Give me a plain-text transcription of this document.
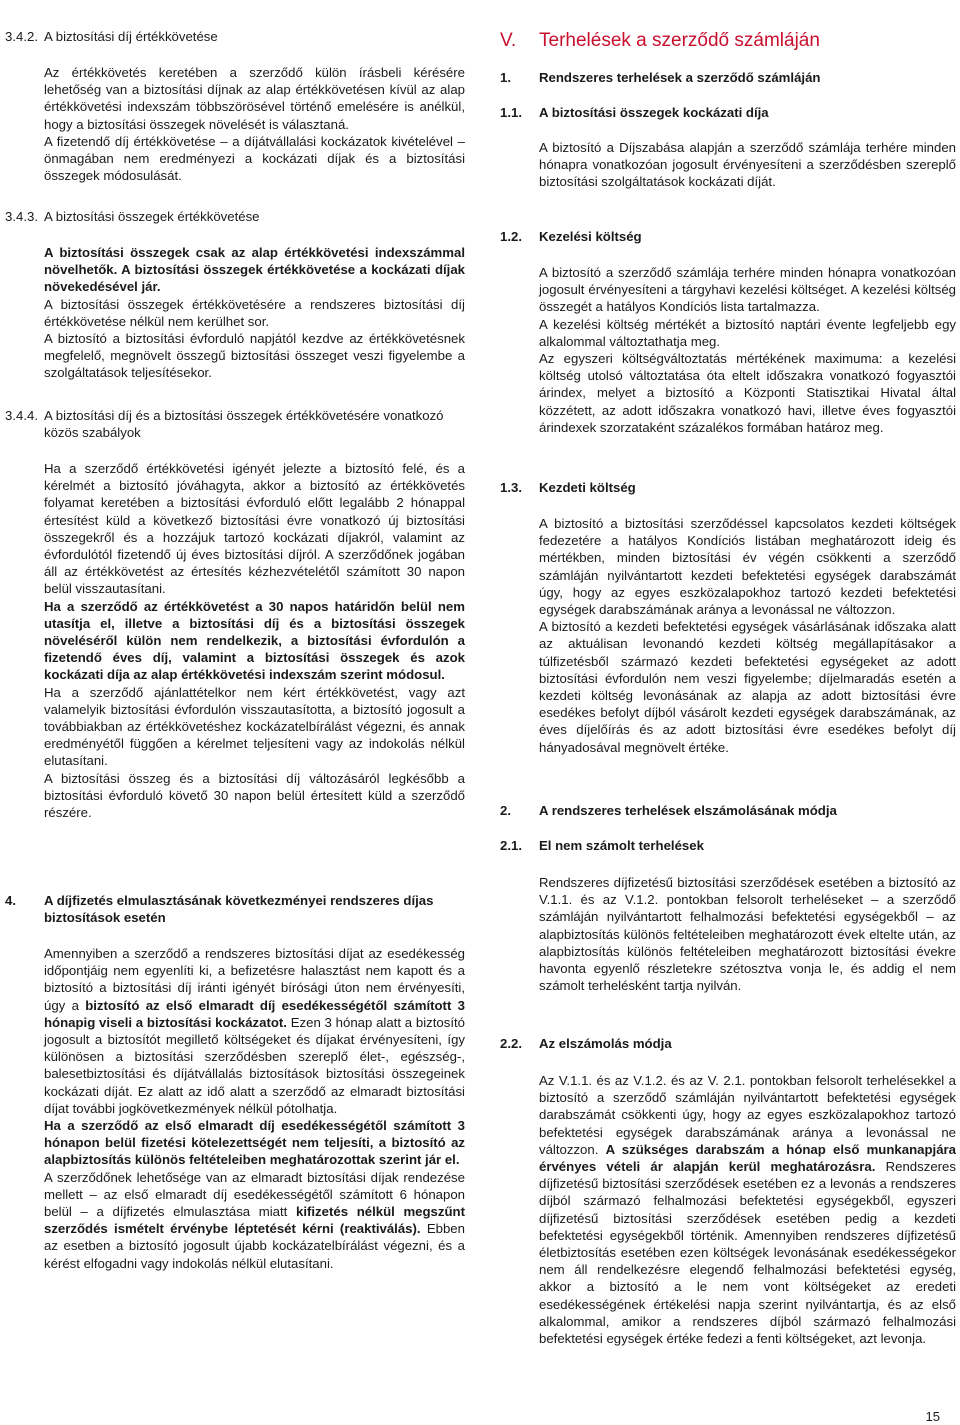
3.4.2. A biztosítási díj értékkövetése

Az értékkövetés keretében a szerződő külön írásbeli kérésére lehetőség van a biztosítási díjnak az alap értékkövetésen kívül az alap értékkövetési indexszám többszörösével történő emelésére is anélkül, hogy a biztosítási összegek növelését is választaná.

A fizetendő díj értékkövetése – a díjátvállalási kockázatok kivételével – önmagában nem eredményezi a kockázati díjak és a biztosítási összegek módosulását.

3.4.3. A biztosítási összegek értékkövetése

A biztosítási összegek csak az alap értékkövetési indexszámmal növelhetők. A biztosítási összegek értékkövetése a kockázati díjak növekedésével jár.

A biztosítási összegek értékkövetésére a rendszeres biztosítási díj értékkövetése nélkül nem kerülhet sor.

A biztosító a biztosítási évforduló napjától kezdve az értékkövetésnek megfelelő, megnövelt összegű biztosítási összeget veszi figyelembe a szolgáltatások teljesítésekor.

3.4.4. A biztosítási díj és a biztosítási összegek értékkövetésére vonatkozó közös szabályok

Ha a szerződő értékkövetési igényét jelezte a biztosító felé, és a kérelmét a biztosító jóváhagyta, akkor a biztosító az értékkövetés folyamat keretében a biztosítási évforduló előtt legalább 2 hónappal értesítést küld a következő biztosítási évre vonatkozó új biztosítási összegekről és a hozzájuk tartozó kockázati díjakról, valamint az évfordulótól fizetendő új éves biztosítási díjról. A szerződőnek jogában áll az értékkövetést az értesítés kézhezvételétől számított 30 napon belül visszautasítani.

Ha a szerződő az értékkövetést a 30 napos határidőn belül nem utasítja el, illetve a biztosítási díj és a biztosítási összegek növeléséről külön nem rendelkezik, a biztosítási évfordulón a fizetendő éves díj, valamint a biztosítási összegek és azok kockázati díja az alap értékkövetési indexszám szerint módosul.

Ha a szerződő ajánlattételkor nem kért értékkövetést, vagy azt valamelyik biztosítási évfordulón visszautasította, a biztosító jogosult a továbbiakban az értékkövetéshez kockázatelbírálást végezni, és annak eredményétől függően a kérelmet teljesíteni vagy az indokolás nélkül elutasítani.

A biztosítási összeg és a biztosítási díj változásáról legkésőbb a biztosítási évforduló követő 30 napon belül értesített küld a szerződő részére.

4. A díjfizetés elmulasztásának következményei rendszeres díjas biztosítások esetén

Amennyiben a szerződő a rendszeres biztosítási díjat az esedékesség időpontjáig nem egyenlíti ki, a befizetésre halasztást nem kapott és a biztosító a biztosítási díj iránti igényét bírósági úton nem érvényesíti, úgy a biztosító az első elmaradt díj esedékességétől számított 3 hónapig viseli a biztosítási kockázatot. Ezen 3 hónap alatt a biztosító jogosult a biztosítót megillető költségeket és díjakat érvényesíteni, így különösen a biztosítási szerződésben szereplő élet-, egészség-, balesetbiztosítási és díjátvállalás biztosítások biztosítási összegeinek kockázati díját. Ez alatt az idő alatt a szerződő az elmaradt biztosítási díjat további jogkövetkezmények nélkül pótolhatja.

Ha a szerződő az első elmaradt díj esedékességétől számított 3 hónapon belül fizetési kötelezettségét nem teljesíti, a biztosító az alapbiztosítás különös feltételeiben meghatározottak szerint jár el.

A szerződőnek lehetősége van az elmaradt biztosítási díjak rendezése mellett – az első elmaradt díj esedékességétől számított 6 hónapon belül – a díjfizetés elmulasztása miatt kifizetés nélkül megszűnt szerződés ismételt érvénybe léptetését kérni (reaktiválás). Ebben az esetben a biztosító jogosult újabb kockázatelbírálást végezni, és a kérést elfogadni vagy indokolás nélkül elutasítani.

V. Terhelések a szerződő számláján
1. Rendszeres terhelések a szerződő számláján
1.1. A biztosítási összegek kockázati díja

A biztosító a Díjszabása alapján a szerződő számlája terhére minden hónapra vonatkozóan jogosult érvényesíteni a szerződésben szereplő biztosítási szolgáltatások kockázati díját.

1.2. Kezelési költség

A biztosító a szerződő számlája terhére minden hónapra vonatkozóan jogosult érvényesíteni a tárgyhavi kezelési költséget. A kezelési költség összegét a hatályos Kondíciós lista tartalmazza.

A kezelési költség mértékét a biztosító naptári évente legfeljebb egy alkalommal változtathatja meg.

Az egyszeri költségváltoztatás mértékének maximuma: a kezelési költség utolsó változtatása óta eltelt időszakra vonatkozó fogyasztói árindex, melyet a biztosító a Központi Statisztikai Hivatal által közzétett, az adott időszakra vonatkozó havi, illetve éves fogyasztói árindexek szorzataként százalékos formában határoz meg.

1.3. Kezdeti költség

A biztosító a biztosítási szerződéssel kapcsolatos kezdeti költségek fedezetére a hatályos Kondíciós listában meghatározott ideig és mértékben, minden biztosítási év végén csökkenti a szerződő számláján nyilvántartott kezdeti befektetési egységek darabszámát úgy, hogy az egyes eszközalapokhoz tartozó kezdeti befektetési egységek darabszámának aránya a levonással ne változzon.

A biztosító a kezdeti befektetési egységek vásárlásának időszaka alatt az aktuálisan levonandó kezdeti költség megállapításakor a túlfizetésből származó kezdeti befektetési egységeket az adott biztosítási évfordulón nem veszi figyelembe; díjelmaradás esetén a kezdeti költség levonásának az alapja az adott biztosítási évre esedékes befolyt díjból vásárolt kezdeti egységek darabszámának, az éves díjelőírás és az adott biztosítási évre esedékes befolyt díj hányadosával megnövelt értéke.

2. A rendszeres terhelések elszámolásának módja
2.1. El nem számolt terhelések

Rendszeres díjfizetésű biztosítási szerződések esetében a biztosító az V.1.1. és az V.1.2. pontokban felsorolt terheléseket – a szerződő számláján nyilvántartott felhalmozási befektetési egységekből – az alapbiztosítás különös feltételeiben meghatározott évek eltelte után, az alapbiztosítás különös feltételeiben meghatározott biztosítási évekre havonta egyenlő részletekre szétosztva vonja le, és addig el nem számolt terhelésként tartja nyilván.

2.2. Az elszámolás módja

Az V.1.1. és az V.1.2. és az V. 2.1. pontokban felsorolt terhelésekkel a biztosító a szerződő számláján nyilvántartott befektetési egységek darabszámát csökkenti úgy, hogy az egyes eszközalapokhoz tartozó befektetési egységek darabszámának aránya a levonással ne változzon. A szükséges darabszám a hónap első munkanapjára érvényes vételi ár alapján kerül meghatározásra. Rendszeres díjfizetésű biztosítási szerződések esetében ez a levonás a rendszeres díjból származó felhalmozási befektetési egységekből, egyszeri díjfizetésű biztosítási szerződések esetében pedig a kezdeti befektetési egységekből történik. Amennyiben rendszeres díjfizetésű életbiztosítás esetében ezen költségek levonásának esedékességekor nem áll rendelkezésre elegendő felhalmozási befektetési egység, akkor a biztosító a le nem vont költségeket az eredeti esedékességének értékelési napja szerint nyilvántartja, és az első alkalommal, amikor a rendszeres díjból származó felhalmozási befektetési egységek értéke fedezi a fenti költségeket, azt levonja.

15
